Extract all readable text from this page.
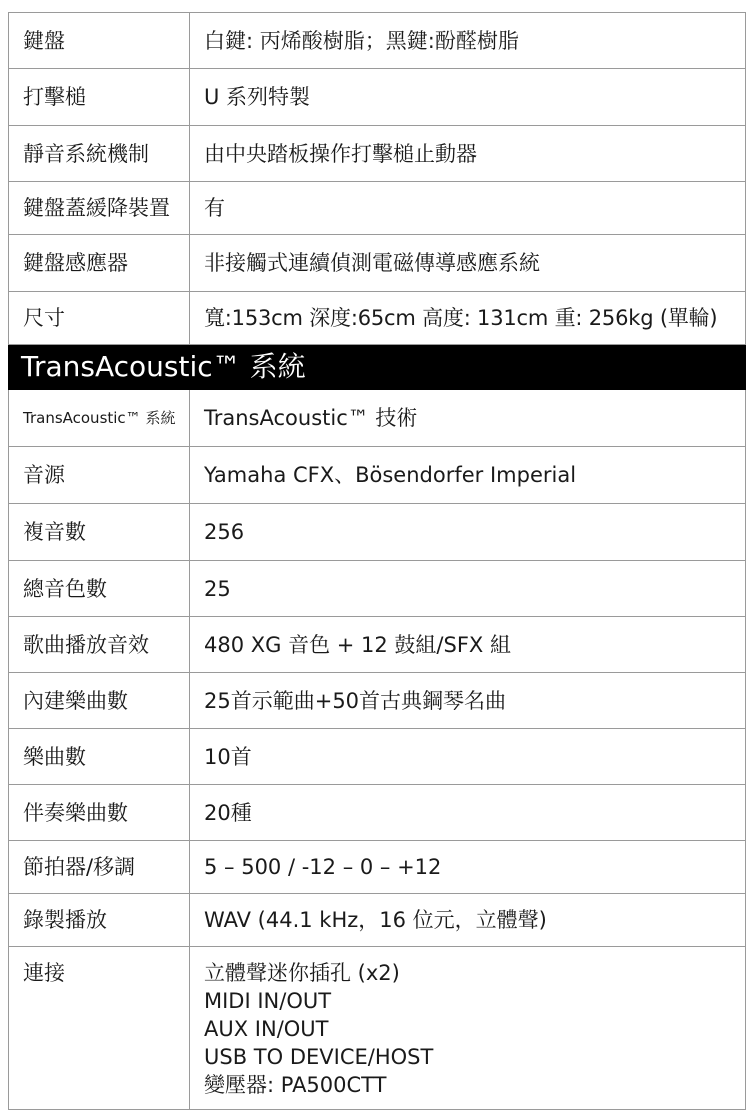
鍵盤	白鍵: 丙烯酸樹脂；黑鍵:酚醛樹脂
打擊槌	U 系列特製
靜音系統機制	由中央踏板操作打擊槌止動器
鍵盤蓋緩降裝置	有
鍵盤感應器	非接觸式連續偵測電磁傳導感應系統
尺寸	寬:153cm 深度:65cm 高度: 131cm 重: 256kg (單輪)
TransAcoustic™ 系統	
TransAcoustic™ 系統	TransAcoustic™ 技術
音源	Yamaha CFX、Bösendorfer Imperial
複音數	256
總音色數	25
歌曲播放音效	480 XG 音色 + 12 鼓組/SFX 組
內建樂曲數	25首示範曲+50首古典鋼琴名曲
樂曲數	10首
伴奏樂曲數	20種
節拍器/移調	5 – 500 / -12 – 0 – +12
錄製播放	WAV (44.1 kHz，16 位元，立體聲)
連接	立體聲迷你插孔 (x2)
MIDI IN/OUT
AUX IN/OUT
USB TO DEVICE/HOST
變壓器: PA500CTT
